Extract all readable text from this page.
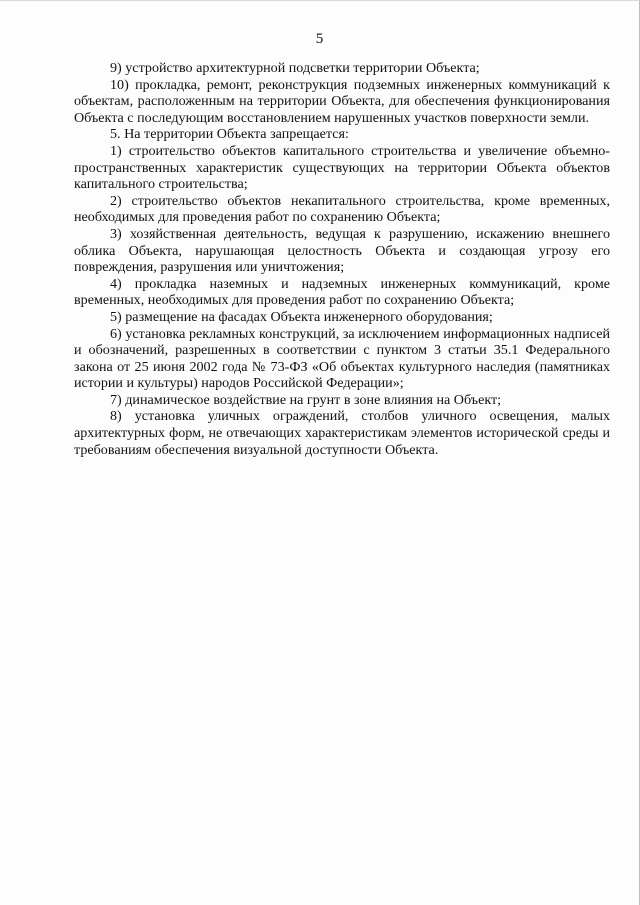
5

9) устройство архитектурной подсветки территории Объекта;

10) прокладка, ремонт, реконструкция подземных инженерных коммуникаций к объектам, расположенным на территории Объекта, для обеспечения функционирования Объекта с последующим восстановлением нарушенных участков поверхности земли.

5. На территории Объекта запрещается:

1) строительство объектов капитального строительства и увеличение объемно-пространственных характеристик существующих на территории Объекта объектов капитального строительства;

2) строительство объектов некапитального строительства, кроме временных, необходимых для проведения работ по сохранению Объекта;

3) хозяйственная деятельность, ведущая к разрушению, искажению внешнего облика Объекта, нарушающая целостность Объекта и создающая угрозу его повреждения, разрушения или уничтожения;

4) прокладка наземных и надземных инженерных коммуникаций, кроме временных, необходимых для проведения работ по сохранению Объекта;

5) размещение на фасадах Объекта инженерного оборудования;

6) установка рекламных конструкций, за исключением информационных надписей и обозначений, разрешенных в соответствии с пунктом 3 статьи 35.1 Федерального закона от 25 июня 2002 года № 73-ФЗ «Об объектах культурного наследия (памятниках истории и культуры) народов Российской Федерации»;

7) динамическое воздействие на грунт в зоне влияния на Объект;

8) установка уличных ограждений, столбов уличного освещения, малых архитектурных форм, не отвечающих характеристикам элементов исторической среды и требованиям обеспечения визуальной доступности Объекта.
